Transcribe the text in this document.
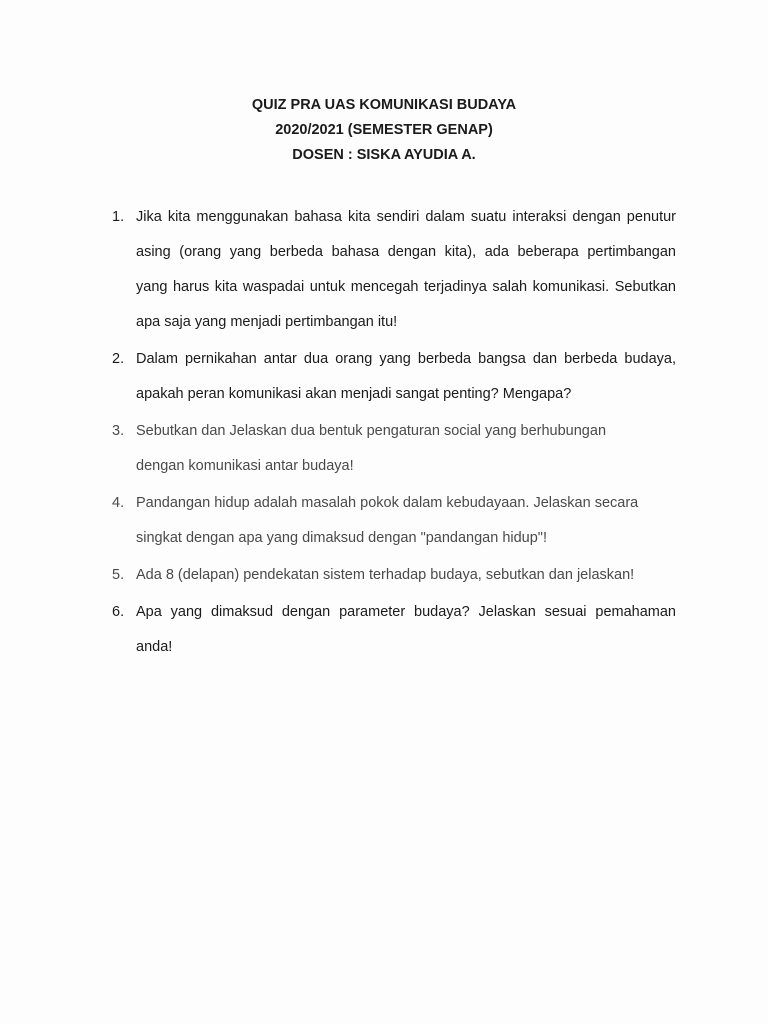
QUIZ PRA UAS KOMUNIKASI BUDAYA
2020/2021 (SEMESTER GENAP)
DOSEN : SISKA AYUDIA A.
1. Jika kita menggunakan bahasa kita sendiri dalam suatu interaksi dengan penutur
asing (orang yang berbeda bahasa dengan kita), ada beberapa pertimbangan
yang harus kita waspadai untuk mencegah terjadinya salah komunikasi. Sebutkan
apa saja yang menjadi pertimbangan itu!
2. Dalam pernikahan antar dua orang yang berbeda bangsa dan berbeda budaya,
apakah peran komunikasi akan menjadi sangat penting? Mengapa?
3. Sebutkan dan Jelaskan dua bentuk pengaturan social yang berhubungan
dengan komunikasi antar budaya!
4. Pandangan hidup adalah masalah pokok dalam kebudayaan. Jelaskan secara
singkat dengan apa yang dimaksud dengan "pandangan hidup"!
5. Ada 8 (delapan) pendekatan sistem terhadap budaya, sebutkan dan jelaskan!
6. Apa yang dimaksud dengan parameter budaya? Jelaskan sesuai pemahaman
anda!
